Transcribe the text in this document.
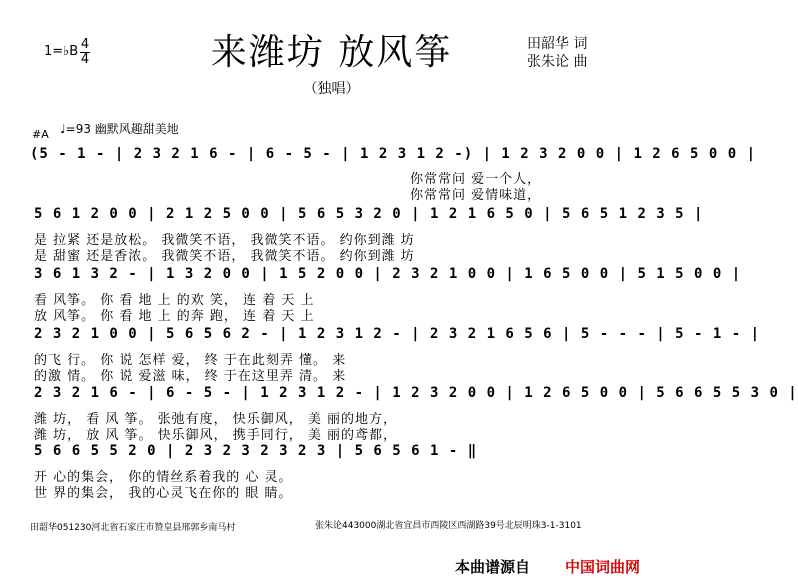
来潍坊 放风筝
1=♭B 4
4
田韶华 词
张朱论 曲
（独唱）
♩=93 幽默风趣甜美地
#A
(5 - 1 - | 2 3 2 1 6 - | 6 - 5 - | 1 2 3 1 2 -) | 1 2 3 2 0 0 | 1 2 6 5 0 0 |
你常常问 爱一个人，
你常常问 爱情味道，
5 6 1 2 0 0 | 2 1 2 5 0 0 | 5 6 5 3 2 0 | 1 2 1 6 5 0 | 5 6 5 1 2 3 5 |
是 拉紧 还是放松。 我微笑不语， 我微笑不语。 约你到潍 坊
是 甜蜜 还是香浓。 我微笑不语， 我微笑不语。 约你到潍 坊
3 6 1 3 2 - | 1 3 2 0 0 | 1 5 2 0 0 | 2 3 2 1 0 0 | 1 6 5 0 0 | 5 1 5 0 0 |
看 风筝。 你 看 地 上 的欢 笑， 连 着 天 上
放 风筝。 你 看 地 上 的奔 跑， 连 着 天 上
2 3 2 1 0 0 | 5 6 5 6 2 - | 1 2 3 1 2 - | 2 3 2 1 6 5 6 | 5 - - - | 5 - 1 - |
的飞 行。 你 说 怎样 爱， 终 于在此刻弄 懂。 来
的激 情。 你 说 爱滋 味， 终 于在这里弄 清。 来
2 3 2 1 6 - | 6 - 5 - | 1 2 3 1 2 - | 1 2 3 2 0 0 | 1 2 6 5 0 0 | 5 6 6 5 5 3 0 |
潍 坊， 看 风 筝。 张弛有度， 快乐御风， 美 丽的地方，
潍 坊， 放 风 筝。 快乐御风， 携手同行， 美 丽的鸢都，
5 6 6 5 5 2 0 | 2 3 2 3 2 3 2 3 | 5 6 5 6 1 - ‖
开 心的集会， 你的情丝系着我的 心 灵。
世 界的集会， 我的心灵飞在你的 眼 睛。
田韶华051230河北省石家庄市赞皇县邢郭乡南马村	张朱论443000湖北省宜昌市西陵区西湖路39号北辰明珠3-1-3101
本曲谱源自 中国词曲网
